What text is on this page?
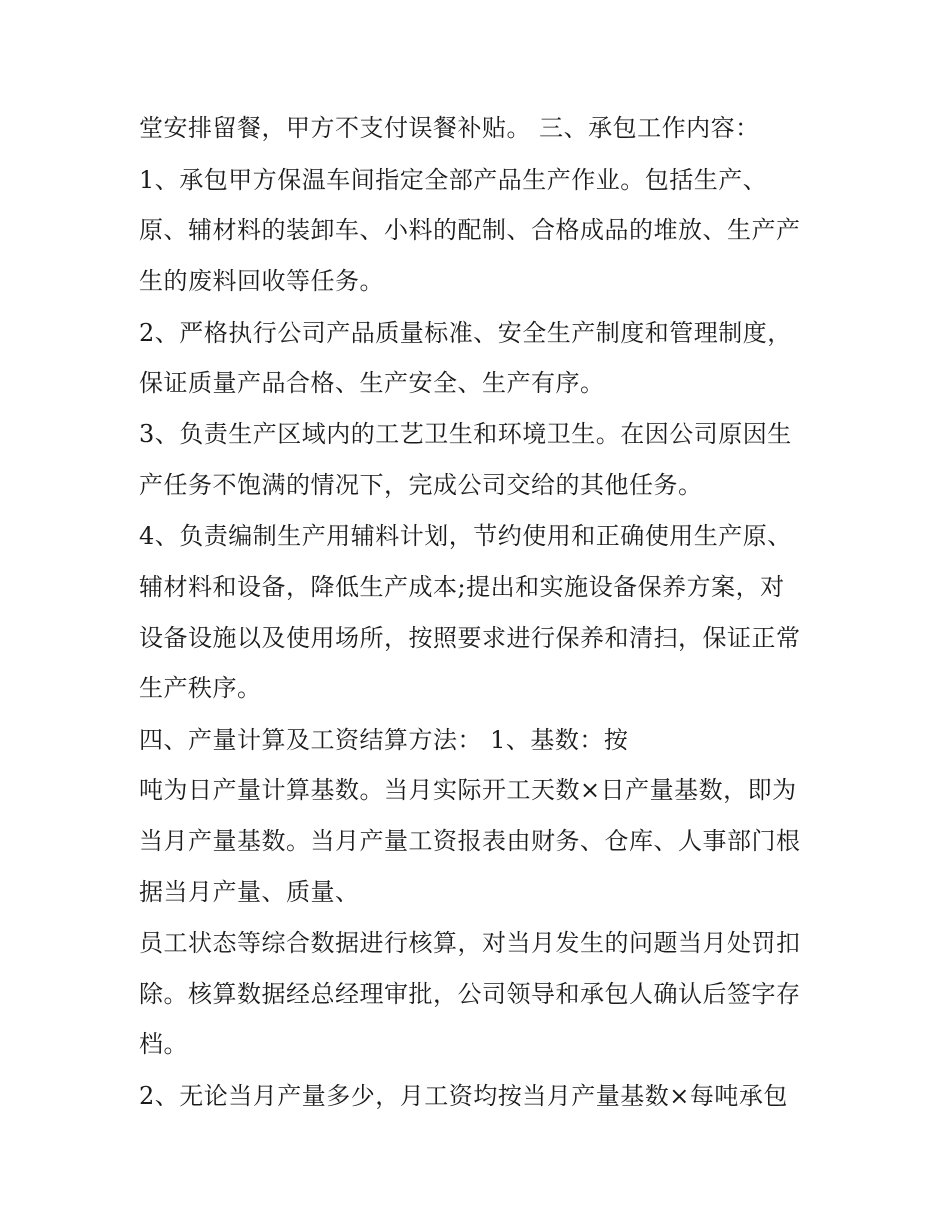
堂安排留餐，甲方不支付误餐补贴。 三、承包工作内容：
1、承包甲方保温车间指定全部产品生产作业。包括生产、
原、辅材料的装卸车、小料的配制、合格成品的堆放、生产产
生的废料回收等任务。
2、严格执行公司产品质量标准、安全生产制度和管理制度，
保证质量产品合格、生产安全、生产有序。
3、负责生产区域内的工艺卫生和环境卫生。在因公司原因生
产任务不饱满的情况下，完成公司交给的其他任务。
4、负责编制生产用辅料计划，节约使用和正确使用生产原、
辅材料和设备，降低生产成本;提出和实施设备保养方案，对
设备设施以及使用场所，按照要求进行保养和清扫，保证正常
生产秩序。
四、产量计算及工资结算方法： 1、基数：按
吨为日产量计算基数。当月实际开工天数×日产量基数，即为
当月产量基数。当月产量工资报表由财务、仓库、人事部门根
据当月产量、质量、
员工状态等综合数据进行核算，对当月发生的问题当月处罚扣
除。核算数据经总经理审批，公司领导和承包人确认后签字存
档。
2、无论当月产量多少，月工资均按当月产量基数×每吨承包
